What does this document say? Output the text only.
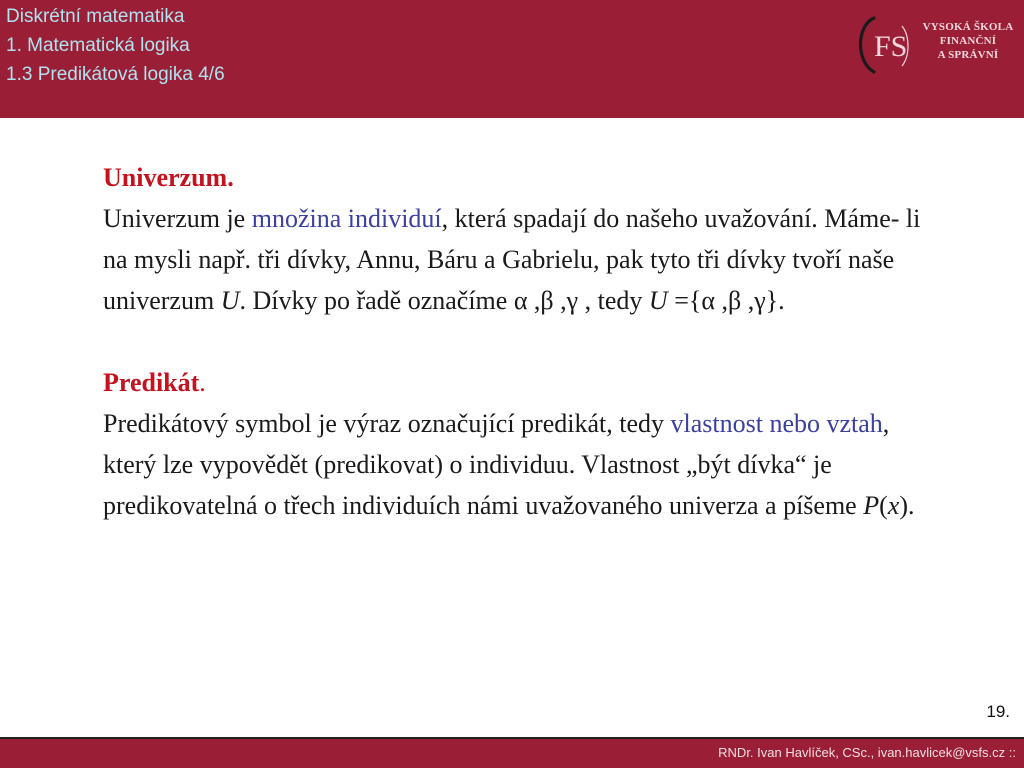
Diskrétní matematika
1. Matematická logika
1.3 Predikátová logika 4/6
FS
VYSOKÁ ŠKOLA
FINANČNÍ
A SPRÁVNÍ

Univerzum.
Univerzum je množina individuí, která spadají do našeho uvažování. Máme- li na mysli např. tři dívky, Annu, Báru a Gabrielu, pak tyto tři dívky tvoří naše univerzum U. Dívky po řadě označíme α ,β ,γ , tedy U ={α ,β ,γ}.

Predikát.
Predikátový symbol je výraz označující predikát, tedy vlastnost nebo vztah, který lze vypovědět (predikovat) o individuu. Vlastnost „být dívka“ je predikovatelná o třech individuích námi uvažovaného univerza a píšeme P(x).

19.
RNDr. Ivan Havlíček, CSc., ivan.havlicek@vsfs.cz ::
